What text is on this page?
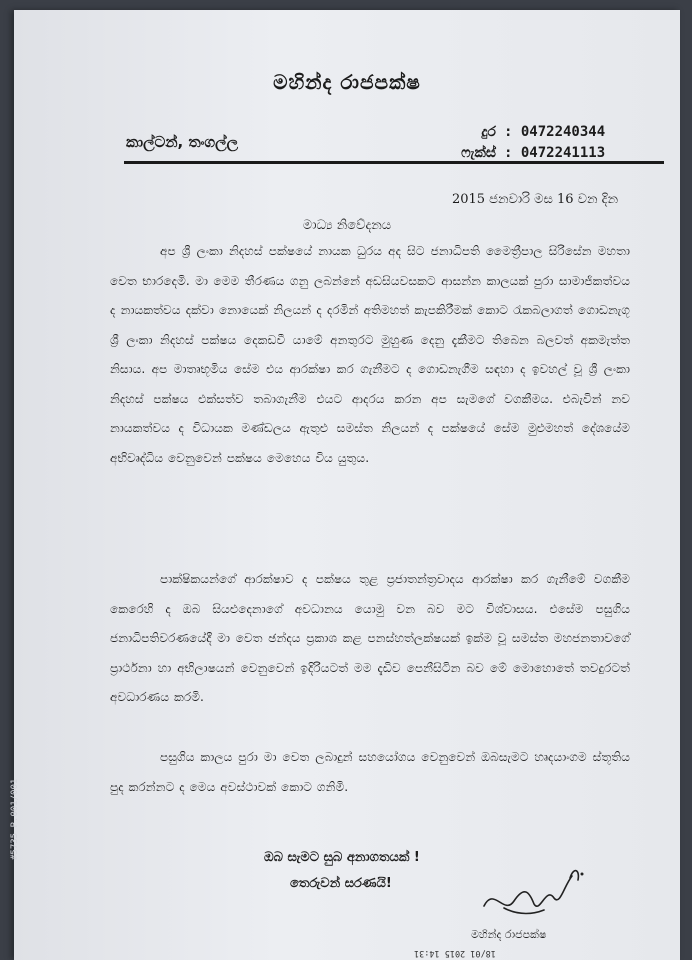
#5735 P.001/001
මහින්ද රාජපක්ෂ
කාල්ටන්, තංගල්ල
දුර : 0472240344
ෆැක්ස් : 0472241113
2015 ජනවාරි මස 16 වන දින
මාධ්‍ය නිවේදනය
අප ශ්‍රී ලංකා නිදහස් පක්ෂයේ නායක ධුරය අද සිට ජනාධිපති මෛත්‍රීපාල සිරිසේන මහතා වෙත භාරදෙමි. මා මෙම තීරණය ගනු ලබන්නේ අඩසියවසකට ආසන්න කාලයක් පුරා සාමාජිකත්වය ද නායකත්වය දක්වා නොයෙක් නිලයන් ද දරමින් අතිමහත් කැපකිරීමක් කොට රැකබලාගත් ගොඩනැගූ ශ්‍රී ලංකා නිදහස් පක්ෂය දෙකඩවී යාමේ අනතුරට මුහුණ දෙනු දැකීමට තිබෙන බලවත් අකමැත්ත නිසාය. අප මාතෘභූමිය සේම එය ආරක්ෂා කර ගැනීමට ද ගොඩනැගීම සඳහා ද ඉවහල් වූ ශ්‍රී ලංකා නිදහස් පක්ෂය එක්සත්ව තබාගැනීම එයට ආදරය කරන අප සැමගේ වගකීමය. එබැවින් නව නායකත්වය ද විධායක මණ්ඩලය ඇතුළු සමස්ත නිලයන් ද පක්ෂයේ සේම මුළුමහත් දේශයේම අභිවෘද්ධිය වෙනුවෙන් පක්ෂය මෙහෙය විය යුතුය.
පාක්ෂිකයන්ගේ ආරක්ෂාව ද පක්ෂය තුළ ප්‍රජාතන්ත්‍රවාදය ආරක්ෂා කර ගැනීමේ වගකීම කෙරෙහි ද ඔබ සියළුදෙනාගේ අවධානය යොමු වන බව මට විශ්වාසය. එසේම පසුගිය ජනාධිපතිවරණයේදී මා වෙත ඡන්දය ප්‍රකාශ කළ පනස්හත්ලක්ෂයක් ඉක්ම වූ සමස්ත මහජනතාවගේ ප්‍රාර්ථනා හා අභිලාෂයන් වෙනුවෙන් ඉදිරියටත් මම දැඩිව පෙනීසිටින බව මේ මොහොතේ තවදුරටත් අවධාරණය කරමි.
පසුගිය කාලය පුරා මා වෙත ලබාදුන් සහයෝගය වෙනුවෙන් ඔබසැමට හෘදයාංගම ස්තූතිය පුද කරන්නට ද මෙය අවස්ථාවක් කොට ගනිමි.
ඔබ සැමට සුබ අනාගතයක් !
තෙරුවන් සරණයි!
මහින්ද රාජපක්ෂ
18/01 2015 14:31
